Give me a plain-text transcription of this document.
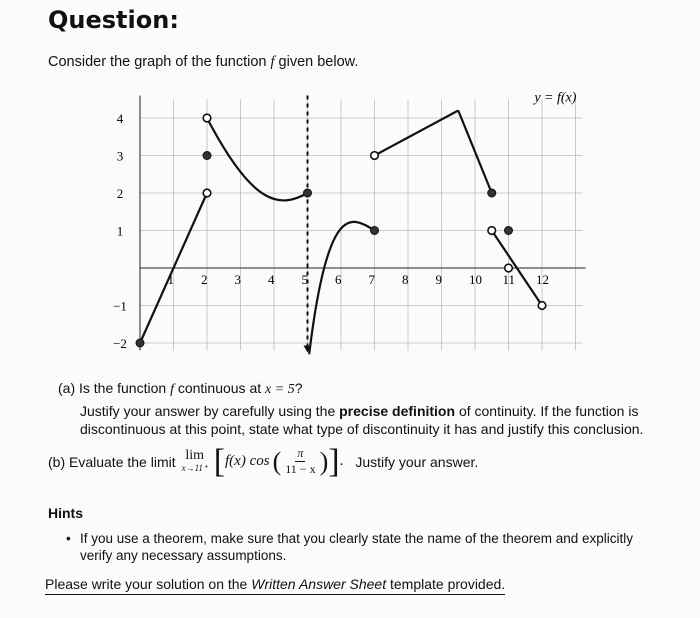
Question:
Consider the graph of the function f given below.
1 2 3 4 5 6 7 8 9 10 11 12
4
3
2
1
−1
−2
y = f(x)
(a) Is the function f continuous at x = 5?
Justify your answer by carefully using the precise definition of continuity. If the function is discontinuous at this point, state what type of discontinuity it has and justify this conclusion.
(b) Evaluate the limit lim
x→11⁺ [ f(x) cos ( $\frac{\pi}{11 - x}$ ) ] . Justify your answer.
Hints
• If you use a theorem, make sure that you clearly state the name of the theorem and explicitly verify any necessary assumptions.
Please write your solution on the Written Answer Sheet template provided.
